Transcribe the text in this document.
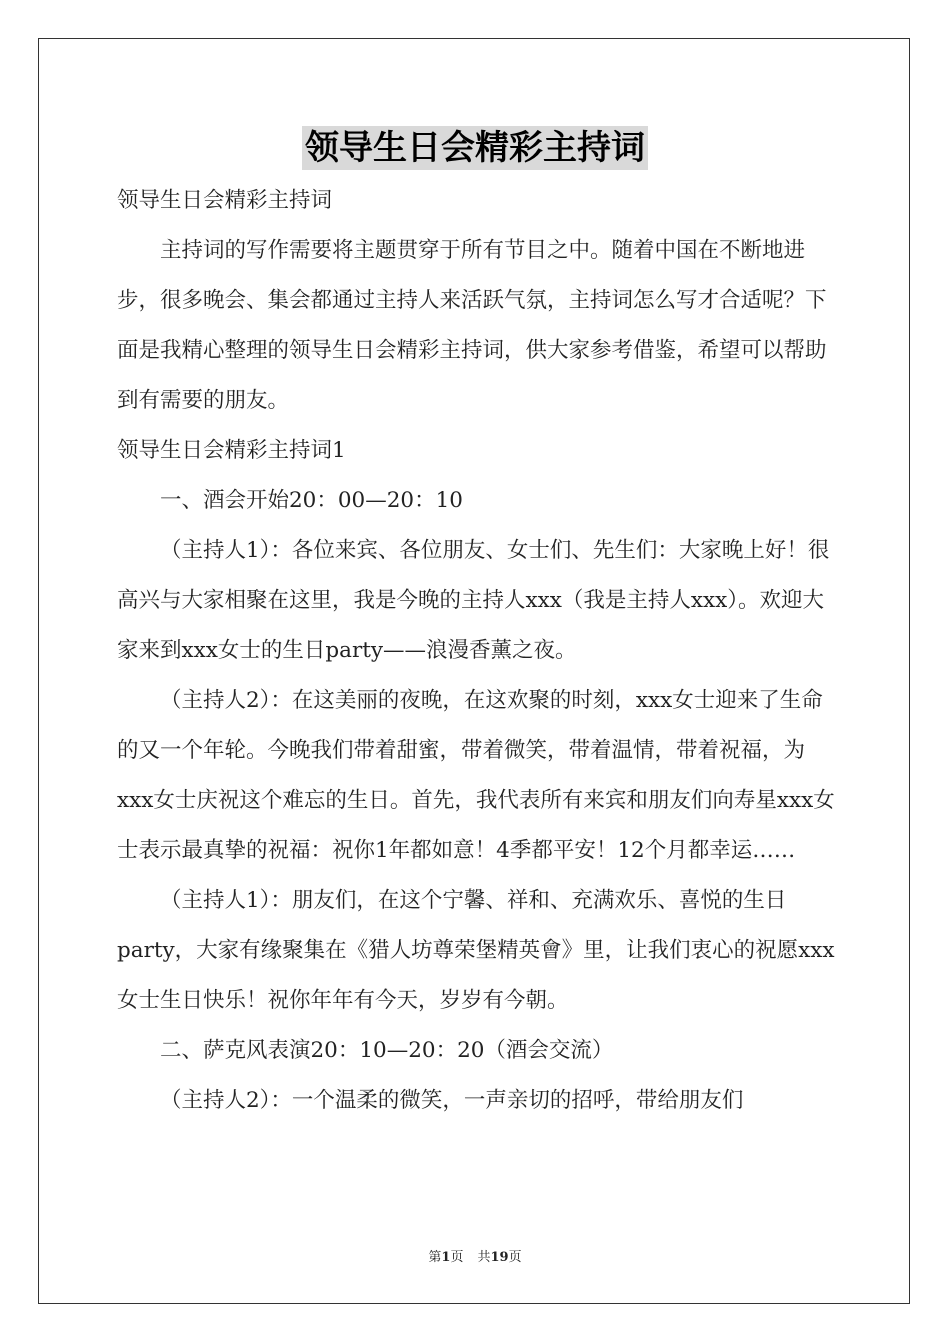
领导生日会精彩主持词

领导生日会精彩主持词

主持词的写作需要将主题贯穿于所有节目之中。随着中国在不断地进步，很多晚会、集会都通过主持人来活跃气氛，主持词怎么写才合适呢？下面是我精心整理的领导生日会精彩主持词，供大家参考借鉴，希望可以帮助到有需要的朋友。

领导生日会精彩主持词1

一、酒会开始20：00—20：10

（主持人1）：各位来宾、各位朋友、女士们、先生们：大家晚上好！很高兴与大家相聚在这里，我是今晚的主持人xxx（我是主持人xxx）。欢迎大家来到xxx女士的生日party——浪漫香薰之夜。

（主持人2）：在这美丽的夜晚，在这欢聚的时刻，xxx女士迎来了生命的又一个年轮。今晚我们带着甜蜜，带着微笑，带着温情，带着祝福，为xxx女士庆祝这个难忘的生日。首先，我代表所有来宾和朋友们向寿星xxx女士表示最真挚的祝福：祝你1年都如意！4季都平安！12个月都幸运……

（主持人1）：朋友们，在这个宁馨、祥和、充满欢乐、喜悦的生日party，大家有缘聚集在《猎人坊尊荣堡精英會》里，让我们衷心的祝愿xxx女士生日快乐！祝你年年有今天，岁岁有今朝。

二、萨克风表演20：10—20：20（酒会交流）

（主持人2）：一个温柔的微笑，一声亲切的招呼，带给朋友们

第1页 共19页
